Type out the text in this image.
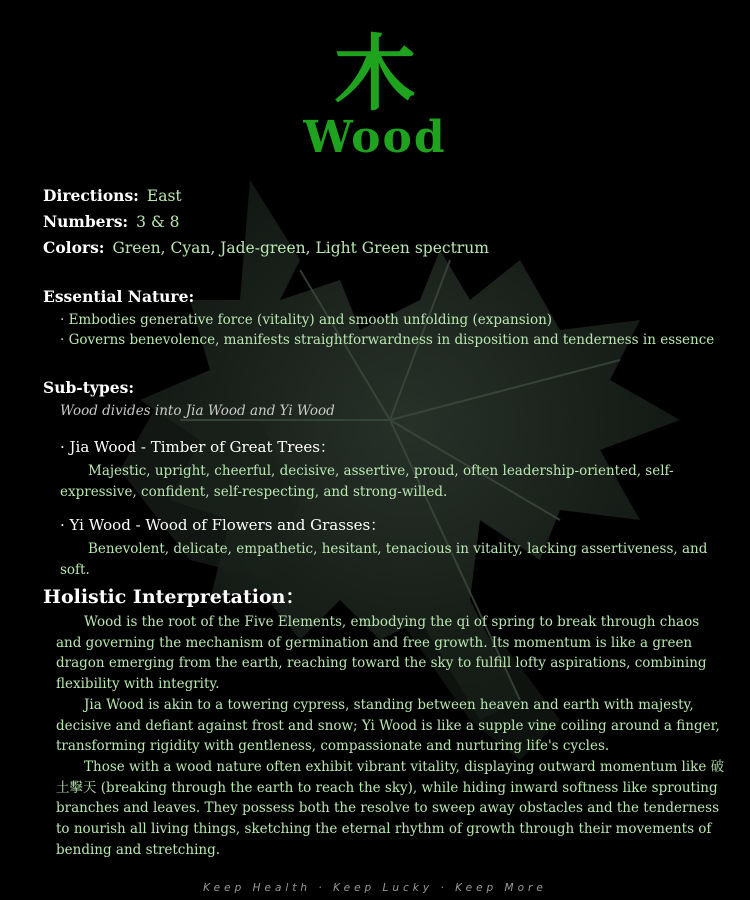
木
Wood
Directions: East
Numbers: 3 & 8
Colors: Green, Cyan, Jade-green, Light Green spectrum
Essential Nature:
· Embodies generative force (vitality) and smooth unfolding (expansion)
· Governs benevolence, manifests straightforwardness in disposition and tenderness in essence
Sub-types:
Wood divides into Jia Wood and Yi Wood
· Jia Wood - Timber of Great Trees：

Majestic, upright, cheerful, decisive, assertive, proud, often leadership-oriented, self-expressive, confident, self-respecting, and strong-willed.

· Yi Wood - Wood of Flowers and Grasses：

Benevolent, delicate, empathetic, hesitant, tenacious in vitality, lacking assertiveness, and soft.

Holistic Interpretation：

Wood is the root of the Five Elements, embodying the qi of spring to break through chaos and governing the mechanism of germination and free growth. Its momentum is like a green dragon emerging from the earth, reaching toward the sky to fulfill lofty aspirations, combining flexibility with integrity.

Jia Wood is akin to a towering cypress, standing between heaven and earth with majesty, decisive and defiant against frost and snow; Yi Wood is like a supple vine coiling around a finger, transforming rigidity with gentleness, compassionate and nurturing life's cycles.

Those with a wood nature often exhibit vibrant vitality, displaying outward momentum like 破土擊天 (breaking through the earth to reach the sky), while hiding inward softness like sprouting branches and leaves. They possess both the resolve to sweep away obstacles and the tenderness to nourish all living things, sketching the eternal rhythm of growth through their movements of bending and stretching.

Keep Health · Keep Lucky · Keep More
